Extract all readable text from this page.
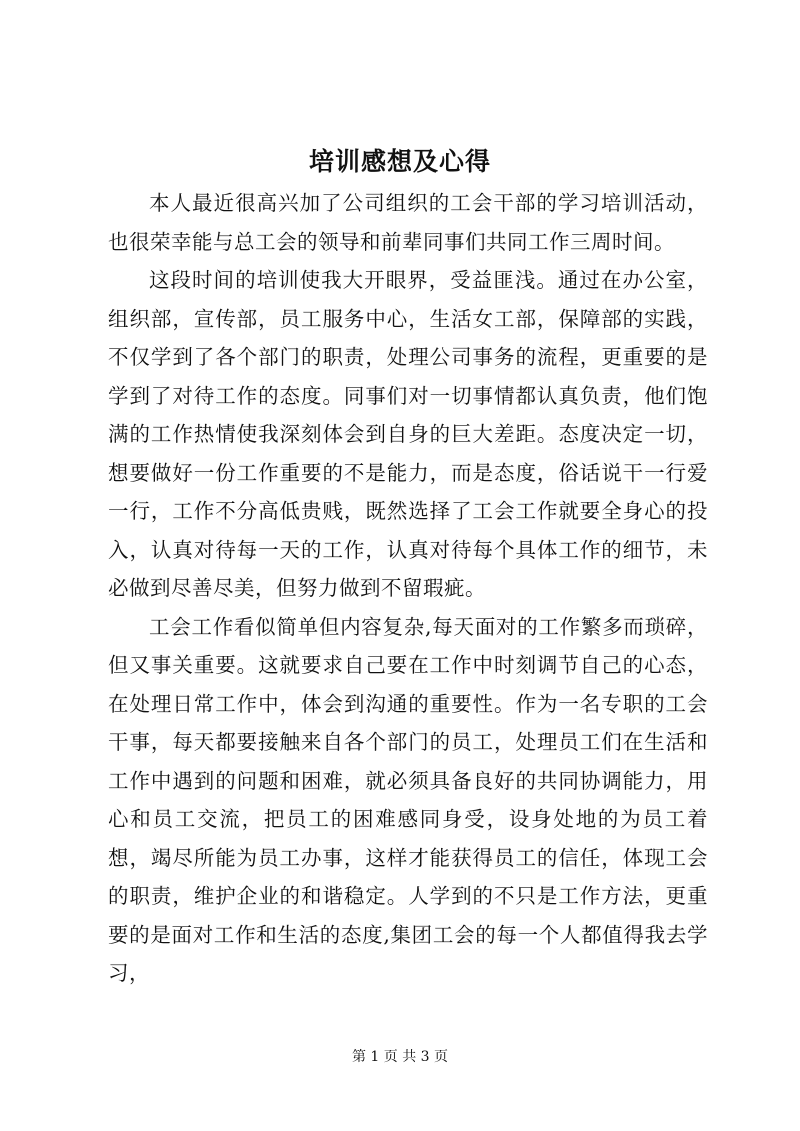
培训感想及心得

本人最近很高兴加了公司组织的工会干部的学习培训活动，也很荣幸能与总工会的领导和前辈同事们共同工作三周时间。

这段时间的培训使我大开眼界，受益匪浅。通过在办公室，组织部，宣传部，员工服务中心，生活女工部，保障部的实践，不仅学到了各个部门的职责，处理公司事务的流程，更重要的是学到了对待工作的态度。同事们对一切事情都认真负责，他们饱满的工作热情使我深刻体会到自身的巨大差距。态度决定一切，想要做好一份工作重要的不是能力，而是态度，俗话说干一行爱一行，工作不分高低贵贱，既然选择了工会工作就要全身心的投入，认真对待每一天的工作，认真对待每个具体工作的细节，未必做到尽善尽美，但努力做到不留瑕疵。

工会工作看似简单但内容复杂,每天面对的工作繁多而琐碎，但又事关重要。这就要求自己要在工作中时刻调节自己的心态，在处理日常工作中，体会到沟通的重要性。作为一名专职的工会干事，每天都要接触来自各个部门的员工，处理员工们在生活和工作中遇到的问题和困难，就必须具备良好的共同协调能力，用心和员工交流，把员工的困难感同身受，设身处地的为员工着想，竭尽所能为员工办事，这样才能获得员工的信任，体现工会的职责，维护企业的和谐稳定。人学到的不只是工作方法，更重要的是面对工作和生活的态度,集团工会的每一个人都值得我去学习，

第 1 页 共 3 页
